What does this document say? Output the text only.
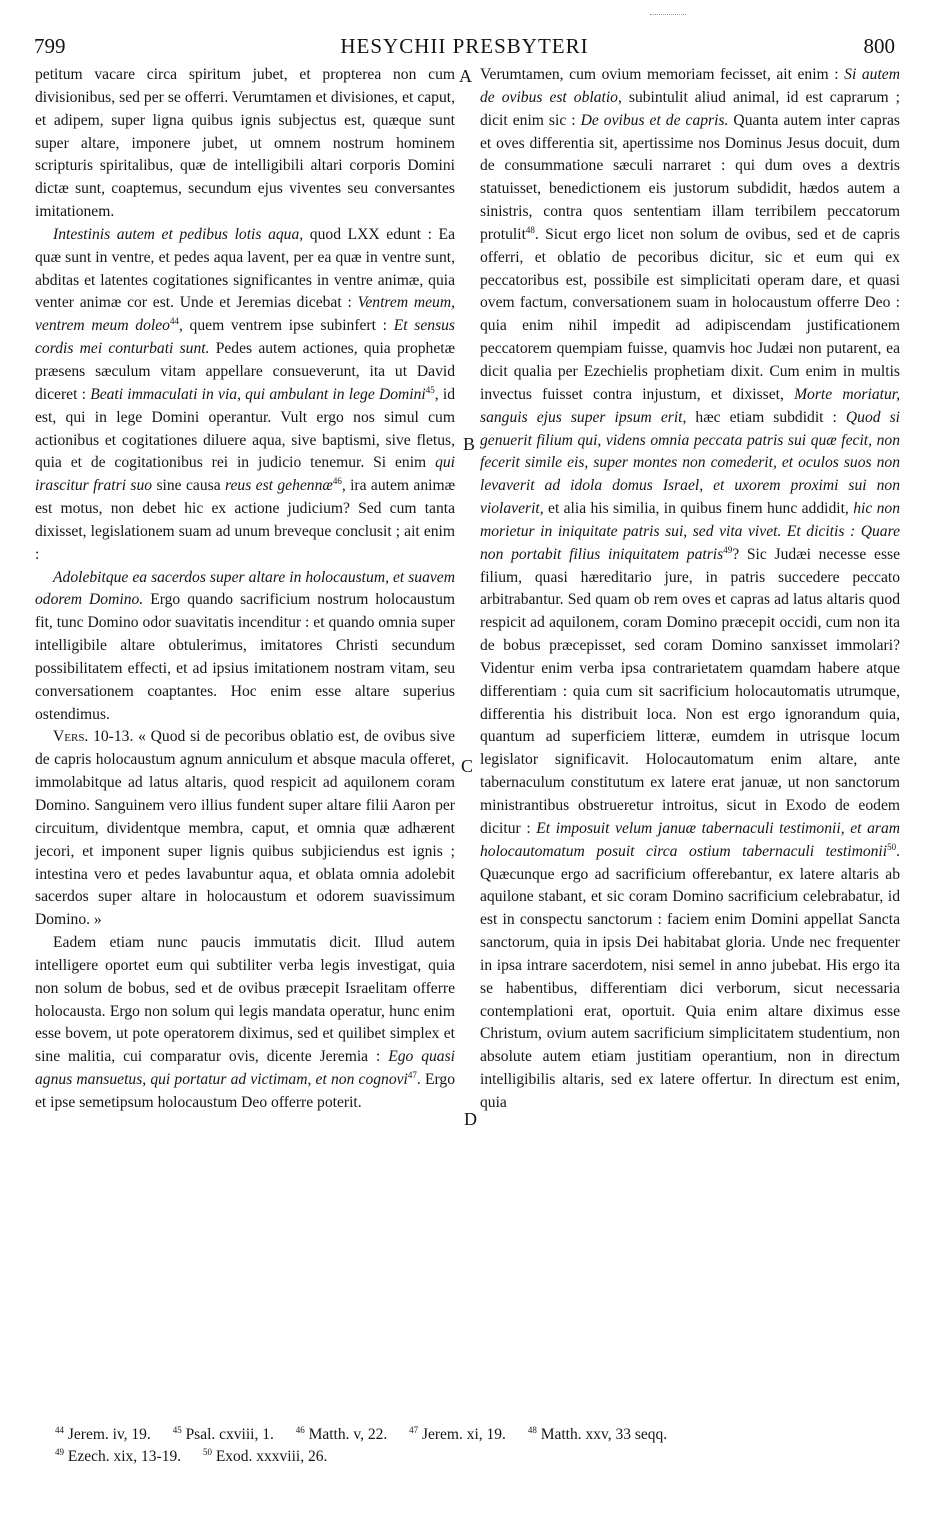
799	HESYCHII PRESBYTERI	800
A
B
C
D

petitum vacare circa spiritum jubet, et propterea non cum divisionibus, sed per se offerri. Verumtamen et divisiones, et caput, et adipem, super ligna quibus ignis subjectus est, quæque sunt super altare, imponere jubet, ut omnem nostrum hominem scripturis spiritalibus, quæ de intelligibili altari corporis Domini dictæ sunt, coaptemus, secundum ejus viventes seu conversantes imitationem.

Intestinis autem et pedibus lotis aqua, quod LXX edunt : Ea quæ sunt in ventre, et pedes aqua lavent, per ea quæ in ventre sunt, abditas et latentes cogitationes significantes in ventre animæ, quia venter animæ cor est. Unde et Jeremias dicebat : Ventrem meum, ventrem meum doleo$^{44}$, quem ventrem ipse subinfert : Et sensus cordis mei conturbati sunt. Pedes autem actiones, quia prophetæ præsens sæculum vitam appellare consueverunt, ita ut David diceret : Beati immaculati in via, qui ambulant in lege Domini$^{45}$, id est, qui in lege Domini operantur. Vult ergo nos simul cum actionibus et cogitationes diluere aqua, sive baptismi, sive fletus, quia et de cogitationibus rei in judicio tenemur. Si enim qui irascitur fratri suo sine causa reus est gehennæ$^{46}$, ira autem animæ est motus, non debet hic ex actione judicium? Sed cum tanta dixisset, legislationem suam ad unum breveque conclusit ; ait enim :

Adolebitque ea sacerdos super altare in holocaustum, et suavem odorem Domino. Ergo quando sacrificium nostrum holocaustum fit, tunc Domino odor suavitatis incenditur : et quando omnia super intelligibile altare obtulerimus, imitatores Christi secundum possibilitatem effecti, et ad ipsius imitationem nostram vitam, seu conversationem coaptantes. Hoc enim esse altare superius ostendimus.

Vers. 10-13. « Quod si de pecoribus oblatio est, de ovibus sive de capris holocaustum agnum anniculum et absque macula offeret, immolabitque ad latus altaris, quod respicit ad aquilonem coram Domino. Sanguinem vero illius fundent super altare filii Aaron per circuitum, dividentque membra, caput, et omnia quæ adhærent jecori, et imponent super lignis quibus subjiciendus est ignis ; intestina vero et pedes lavabuntur aqua, et oblata omnia adolebit sacerdos super altare in holocaustum et odorem suavissimum Domino. »

Eadem etiam nunc paucis immutatis dicit. Illud autem intelligere oportet eum qui subtiliter verba legis investigat, quia non solum de bobus, sed et de ovibus præcepit Israelitam offerre holocausta. Ergo non solum qui legis mandata operatur, hunc enim esse bovem, ut pote operatorem diximus, sed et quilibet simplex et sine malitia, cui comparatur ovis, dicente Jeremia : Ego quasi agnus mansuetus, qui portatur ad victimam, et non cognovi$^{47}$. Ergo et ipse semetipsum holocaustum Deo offerre poterit.

Verumtamen, cum ovium memoriam fecisset, ait enim : Si autem de ovibus est oblatio, subintulit aliud animal, id est caprarum ; dicit enim sic : De ovibus et de capris. Quanta autem inter capras et oves differentia sit, apertissime nos Dominus Jesus docuit, dum de consummatione sæculi narraret : qui dum oves a dextris statuisset, benedictionem eis justorum subdidit, hædos autem a sinistris, contra quos sententiam illam terribilem peccatorum protulit$^{48}$. Sicut ergo licet non solum de ovibus, sed et de capris offerri, et oblatio de pecoribus dicitur, sic et eum qui ex peccatoribus est, possibile est simplicitati operam dare, et quasi ovem factum, conversationem suam in holocaustum offerre Deo : quia enim nihil impedit ad adipiscendam justificationem peccatorem quempiam fuisse, quamvis hoc Judæi non putarent, ea dicit qualia per Ezechielis prophetiam dixit. Cum enim in multis invectus fuisset contra injustum, et dixisset, Morte moriatur, sanguis ejus super ipsum erit, hæc etiam subdidit : Quod si genuerit filium qui, videns omnia peccata patris sui quæ fecit, non fecerit simile eis, super montes non comederit, et oculos suos non levaverit ad idola domus Israel, et uxorem proximi sui non violaverit, et alia his similia, in quibus finem hunc addidit, hic non morietur in iniquitate patris sui, sed vita vivet. Et dicitis : Quare non portabit filius iniquitatem patris$^{49}$? Sic Judæi necesse esse filium, quasi hæreditario jure, in patris succedere peccato arbitrabantur. Sed quam ob rem oves et capras ad latus altaris quod respicit ad aquilonem, coram Domino præcepit occidi, cum non ita de bobus præcepisset, sed coram Domino sanxisset immolari? Videntur enim verba ipsa contrarietatem quamdam habere atque differentiam : quia cum sit sacrificium holocautomatis utrumque, differentia his distribuit loca. Non est ergo ignorandum quia, quantum ad superficiem litteræ, eumdem in utrisque locum legislator significavit. Holocautomatum enim altare, ante tabernaculum constitutum ex latere erat januæ, ut non sanctorum ministrantibus obstrueretur introitus, sicut in Exodo de eodem dicitur : Et imposuit velum januæ tabernaculi testimonii, et aram holocautomatum posuit circa ostium tabernaculi testimonii$^{50}$. Quæcunque ergo ad sacrificium offerebantur, ex latere altaris ab aquilone stabant, et sic coram Domino sacrificium celebrabatur, id est in conspectu sanctorum : faciem enim Domini appellat Sancta sanctorum, quia in ipsis Dei habitabat gloria. Unde nec frequenter in ipsa intrare sacerdotem, nisi semel in anno jubebat. His ergo ita se habentibus, differentiam dici verborum, sicut necessaria contemplationi erat, oportuit. Quia enim altare diximus esse Christum, ovium autem sacrificium simplicitatem studentium, non absolute autem etiam justitiam operantium, non in directum intelligibilis altaris, sed ex latere offertur. In directum est enim, quia

$^{44}$ Jerem. iv, 19. $^{45}$ Psal. cxviii, 1. $^{46}$ Matth. v, 22. $^{47}$ Jerem. xi, 19. $^{48}$ Matth. xxv, 33 seqq.
$^{49}$ Ezech. xix, 13-19. $^{50}$ Exod. xxxviii, 26.
